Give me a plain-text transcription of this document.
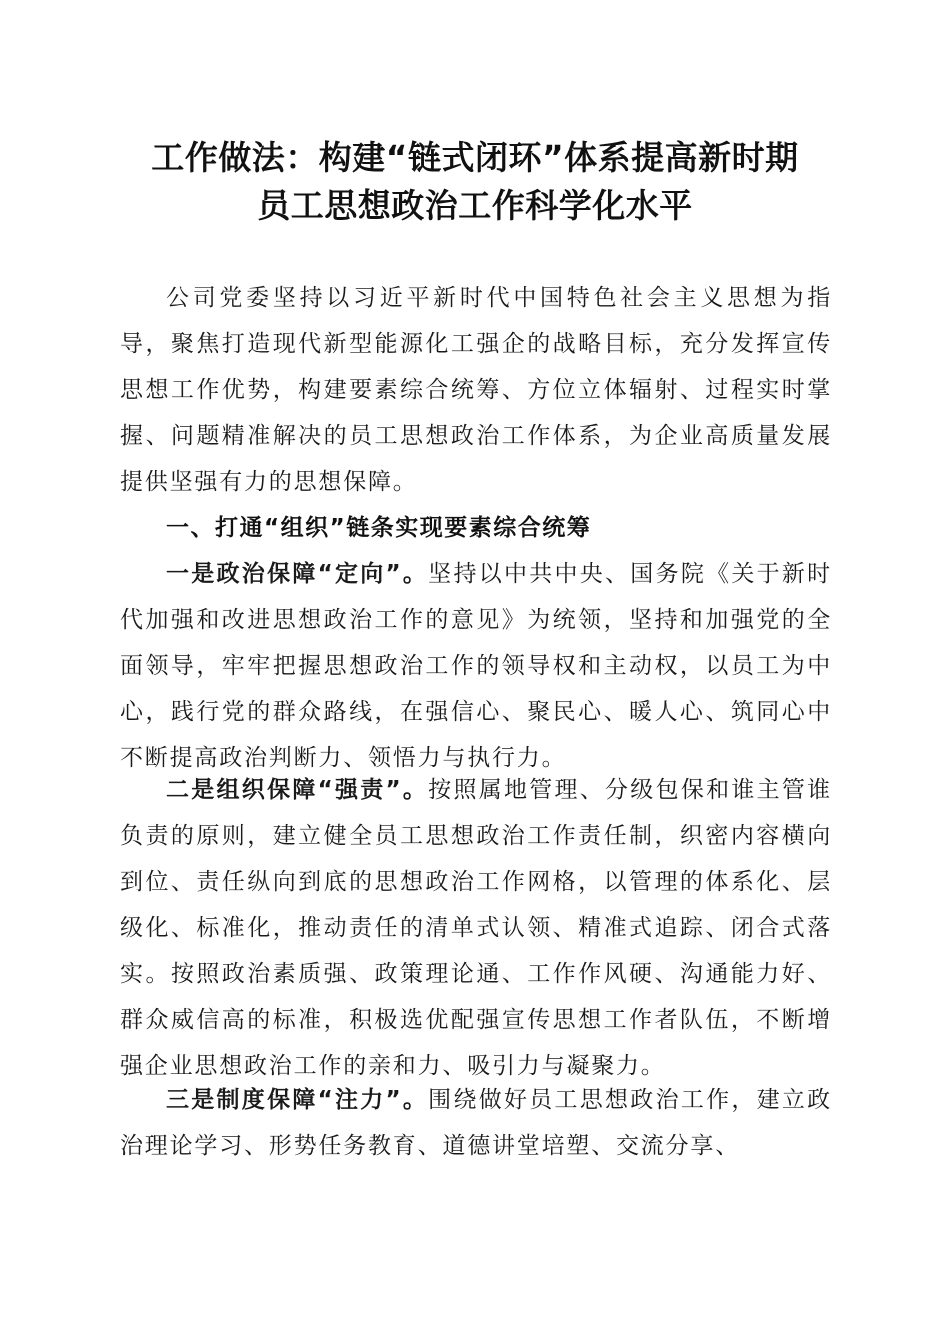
工作做法：构建“链式闭环”体系提高新时期
员工思想政治工作科学化水平
公司党委坚持以习近平新时代中国特色社会主义思想为指导，聚焦打造现代新型能源化工强企的战略目标，充分发挥宣传思想工作优势，构建要素综合统筹、方位立体辐射、过程实时掌握、问题精准解决的员工思想政治工作体系，为企业高质量发展提供坚强有力的思想保障。
一、打通“组织”链条实现要素综合统筹
一是政治保障“定向”。坚持以中共中央、国务院《关于新时代加强和改进思想政治工作的意见》为统领，坚持和加强党的全面领导，牢牢把握思想政治工作的领导权和主动权，以员工为中心，践行党的群众路线，在强信心、聚民心、暖人心、筑同心中不断提高政治判断力、领悟力与执行力。
二是组织保障“强责”。按照属地管理、分级包保和谁主管谁负责的原则，建立健全员工思想政治工作责任制，织密内容横向到位、责任纵向到底的思想政治工作网格，以管理的体系化、层级化、标准化，推动责任的清单式认领、精准式追踪、闭合式落实。按照政治素质强、政策理论通、工作作风硬、沟通能力好、群众威信高的标准，积极选优配强宣传思想工作者队伍，不断增强企业思想政治工作的亲和力、吸引力与凝聚力。
三是制度保障“注力”。围绕做好员工思想政治工作，建立政治理论学习、形势任务教育、道德讲堂培塑、交流分享、
